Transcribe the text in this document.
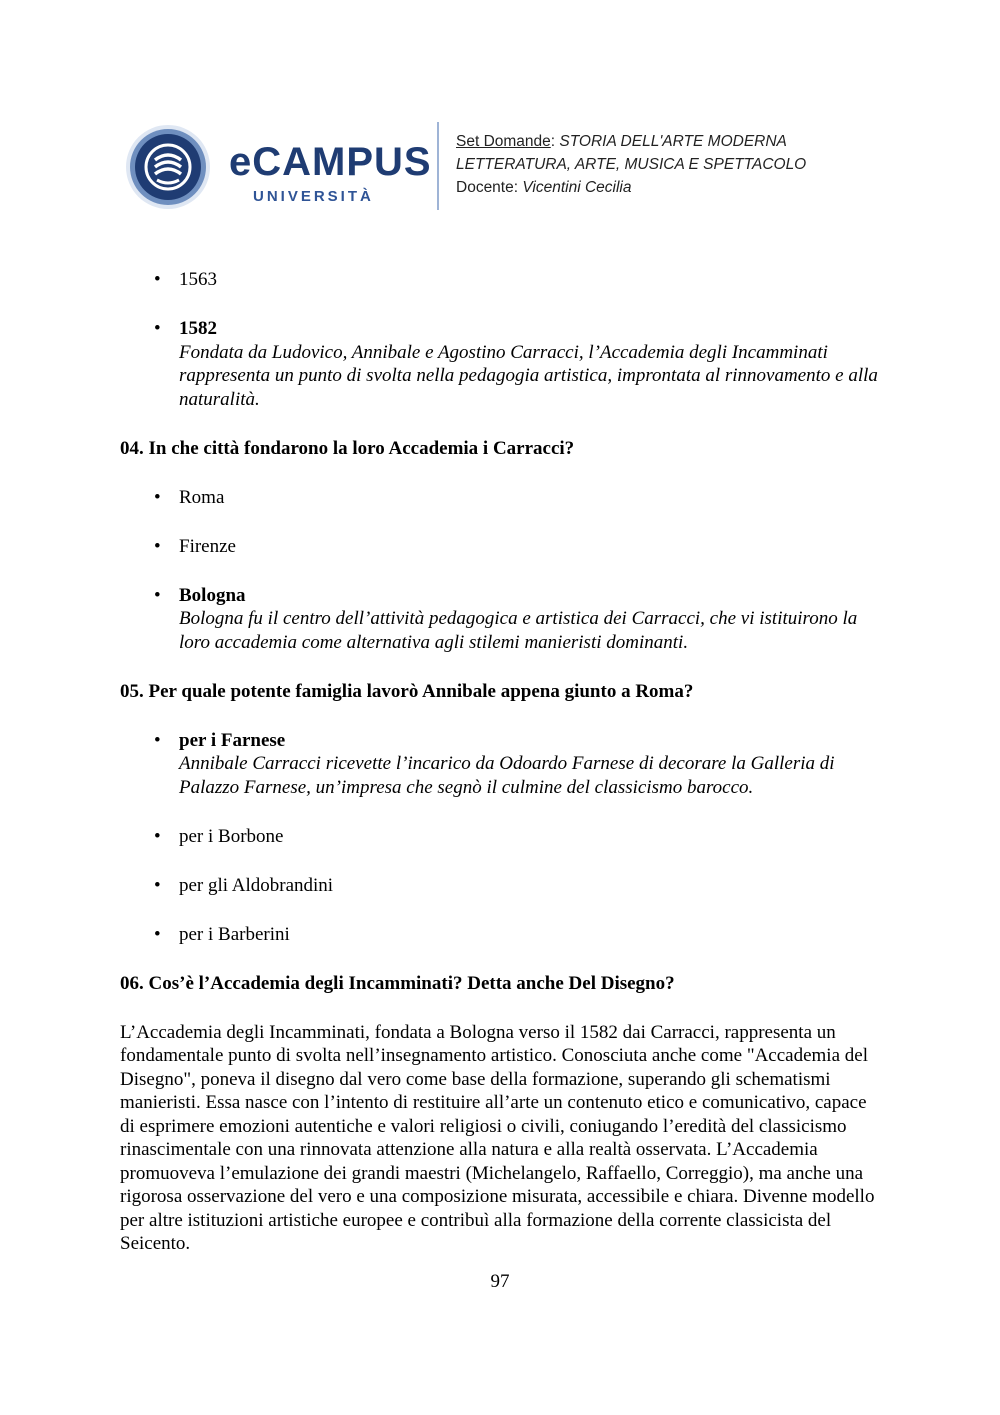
eCAMPUS
UNIVERSITÀ
Set Domande: STORIA DELL'ARTE MODERNA
LETTERATURA, ARTE, MUSICA E SPETTACOLO
Docente: Vicentini Cecilia
• 1563
• 1582
Fondata da Ludovico, Annibale e Agostino Carracci, l’Accademia degli Incamminati rappresenta un punto di svolta nella pedagogia artistica, improntata al rinnovamento e alla naturalità.

04. In che città fondarono la loro Accademia i Carracci?

• Roma
• Firenze
• Bologna
Bologna fu il centro dell’attività pedagogica e artistica dei Carracci, che vi istituirono la loro accademia come alternativa agli stilemi manieristi dominanti.

05. Per quale potente famiglia lavorò Annibale appena giunto a Roma?

• per i Farnese
Annibale Carracci ricevette l’incarico da Odoardo Farnese di decorare la Galleria di Palazzo Farnese, un’impresa che segnò il culmine del classicismo barocco.
• per i Borbone
• per gli Aldobrandini
• per i Barberini

06. Cos’è l’Accademia degli Incamminati? Detta anche Del Disegno?

L’Accademia degli Incamminati, fondata a Bologna verso il 1582 dai Carracci, rappresenta un fondamentale punto di svolta nell’insegnamento artistico. Conosciuta anche come "Accademia del Disegno", poneva il disegno dal vero come base della formazione, superando gli schematismi manieristi. Essa nasce con l’intento di restituire all’arte un contenuto etico e comunicativo, capace di esprimere emozioni autentiche e valori religiosi o civili, coniugando l’eredità del classicismo rinascimentale con una rinnovata attenzione alla natura e alla realtà osservata. L’Accademia promuoveva l’emulazione dei grandi maestri (Michelangelo, Raffaello, Correggio), ma anche una rigorosa osservazione del vero e una composizione misurata, accessibile e chiara. Divenne modello per altre istituzioni artistiche europee e contribuì alla formazione della corrente classicista del Seicento.

97
